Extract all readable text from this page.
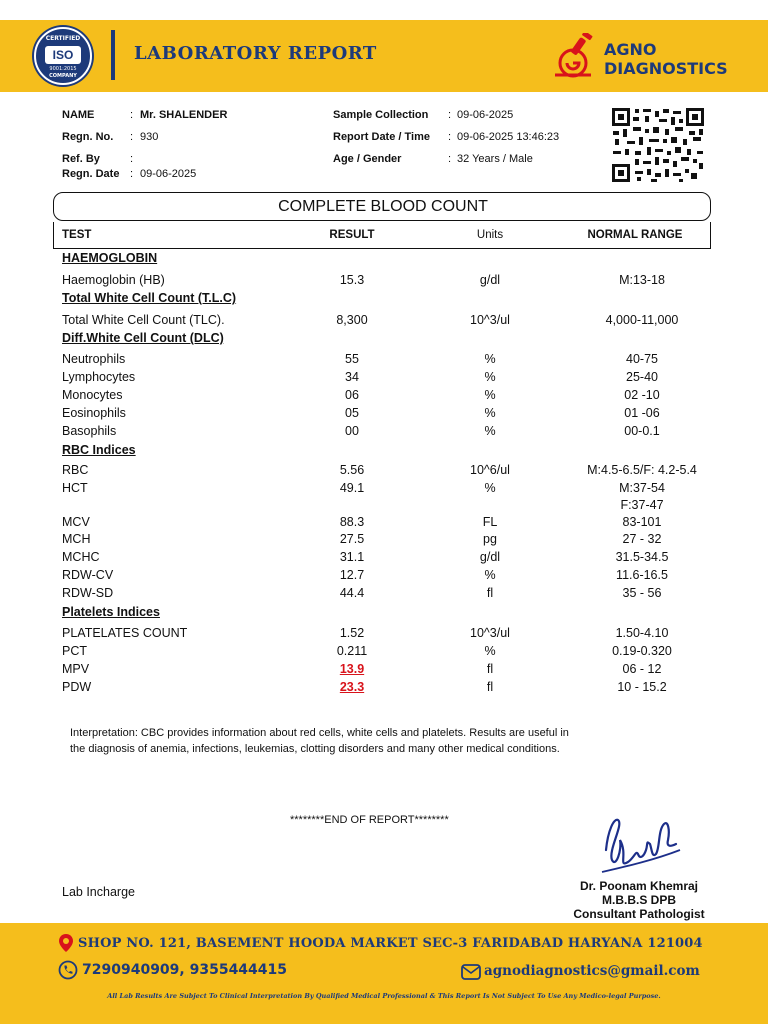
CERTIFIED
ISO
9001:2015
COMPANY
LABORATORY REPORT	AGNO
DIAGNOSTICS
NAME	: Mr. SHALENDER
Regn. No. : 930
Ref. By	:
Regn. Date : 09-06-2025
Sample Collection : 09-06-2025
Report Date / Time : 09-06-2025 13:46:23
Age / Gender	: 32 Years / Male
COMPLETE BLOOD COUNT
TEST	RESULT	Units	NORMAL RANGE
HAEMOGLOBIN
Haemoglobin (HB)	15.3	g/dl	M:13-18
Total White Cell Count (T.L.C)
Total White Cell Count (TLC).	8,300	10^3/ul	4,000-11,000
Diff.White Cell Count (DLC)
Neutrophils	55	%	40-75
Lymphocytes	34	%	25-40
Monocytes	06	%	02 -10
Eosinophils	05	%	01 -06
Basophils	00	%	00-0.1
RBC Indices
RBC	5.56	10^6/ul	M:4.5-6.5/F: 4.2-5.4
HCT	49.1	%	M:37-54
F:37-47
MCV	88.3	FL	83-101
MCH	27.5	pg	27 - 32
MCHC	31.1	g/dl	31.5-34.5
RDW-CV	12.7	%	11.6-16.5
RDW-SD	44.4	fl	35 - 56
Platelets Indices
PLATELATES COUNT	1.52	10^3/ul	1.50-4.10
PCT	0.211	%	0.19-0.320
MPV	13.9	fl	06 - 12
PDW	23.3	fl	10 - 15.2
Interpretation: CBC provides information about red cells, white cells and platelets. Results are useful in
the diagnosis of anemia, infections, leukemias, clotting disorders and many other medical conditions.
********END OF REPORT********
Lab Incharge	Dr. Poonam Khemraj
M.B.B.S DPB
Consultant Pathologist
SHOP NO. 121, BASEMENT HOODA MARKET SEC-3 FARIDABAD HARYANA 121004
7290940909, 9355444415	agnodiagnostics@gmail.com
All Lab Results Are Subject To Clinical Interpretation By Qualified Medical Professional & This Report Is Not Subject To Use Any Medico-legal Purpose.
